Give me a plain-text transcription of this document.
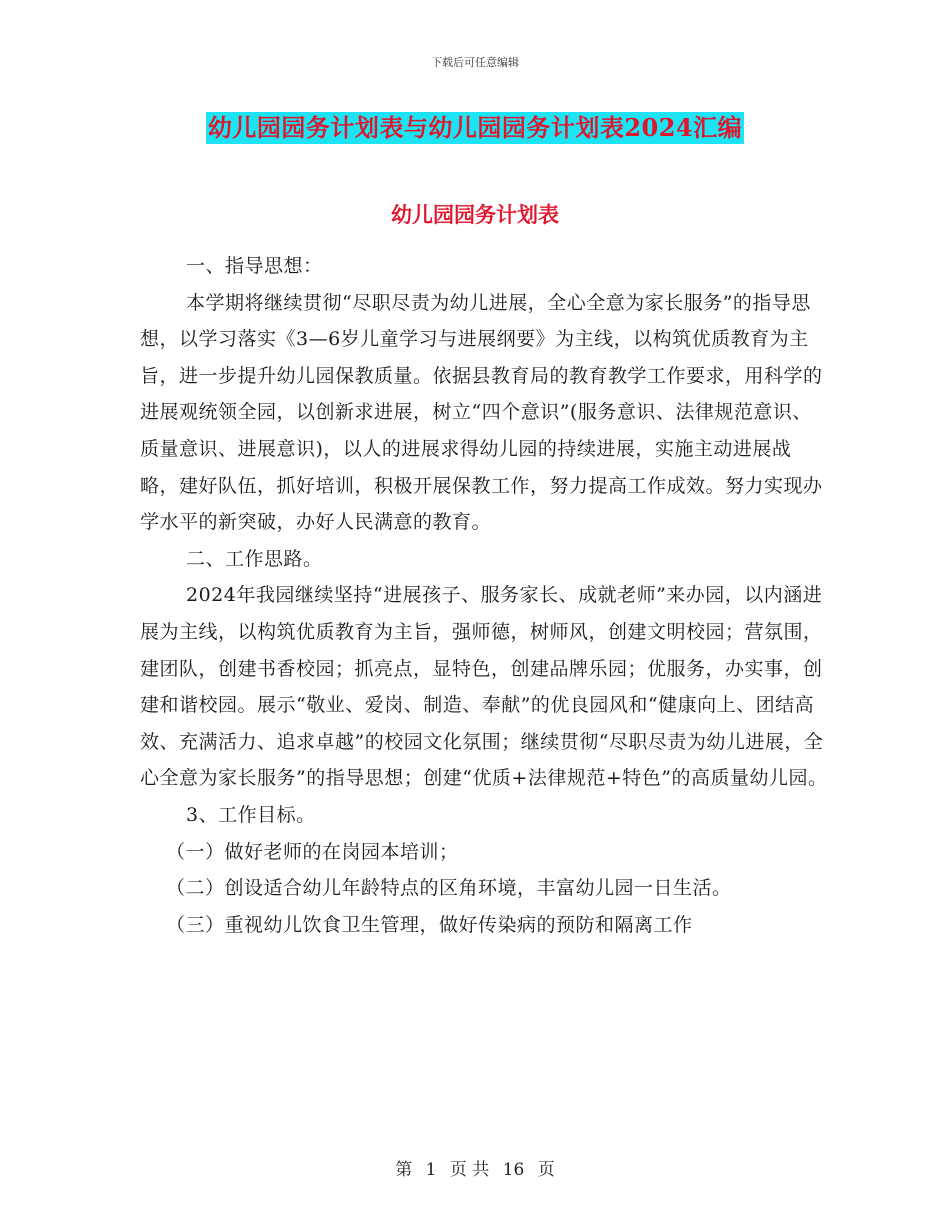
下载后可任意编辑
幼儿园园务计划表与幼儿园园务计划表2024汇编
幼儿园园务计划表

一、指导思想：

本学期将继续贯彻“尽职尽责为幼儿进展，全心全意为家长服务”的指导思想，以学习落实《3—6岁儿童学习与进展纲要》为主线，以构筑优质教育为主旨，进一步提升幼儿园保教质量。依据县教育局的教育教学工作要求，用科学的进展观统领全园，以创新求进展，树立“四个意识”(服务意识、法律规范意识、质量意识、进展意识)，以人的进展求得幼儿园的持续进展，实施主动进展战略，建好队伍，抓好培训，积极开展保教工作，努力提高工作成效。努力实现办学水平的新突破，办好人民满意的教育。

二、工作思路。

2024年我园继续坚持“进展孩子、服务家长、成就老师”来办园，以内涵进展为主线，以构筑优质教育为主旨，强师德，树师风，创建文明校园；营氛围，建团队，创建书香校园；抓亮点，显特色，创建品牌乐园；优服务，办实事，创建和谐校园。展示“敬业、爱岗、制造、奉献”的优良园风和“健康向上、团结高效、充满活力、追求卓越”的校园文化氛围；继续贯彻“尽职尽责为幼儿进展，全心全意为家长服务”的指导思想；创建“优质+法律规范+特色”的高质量幼儿园。

3、工作目标。

（一）做好老师的在岗园本培训；

（二）创设适合幼儿年龄特点的区角环境，丰富幼儿园一日生活。

（三）重视幼儿饮食卫生管理，做好传染病的预防和隔离工作

第 1 页 共 16 页
